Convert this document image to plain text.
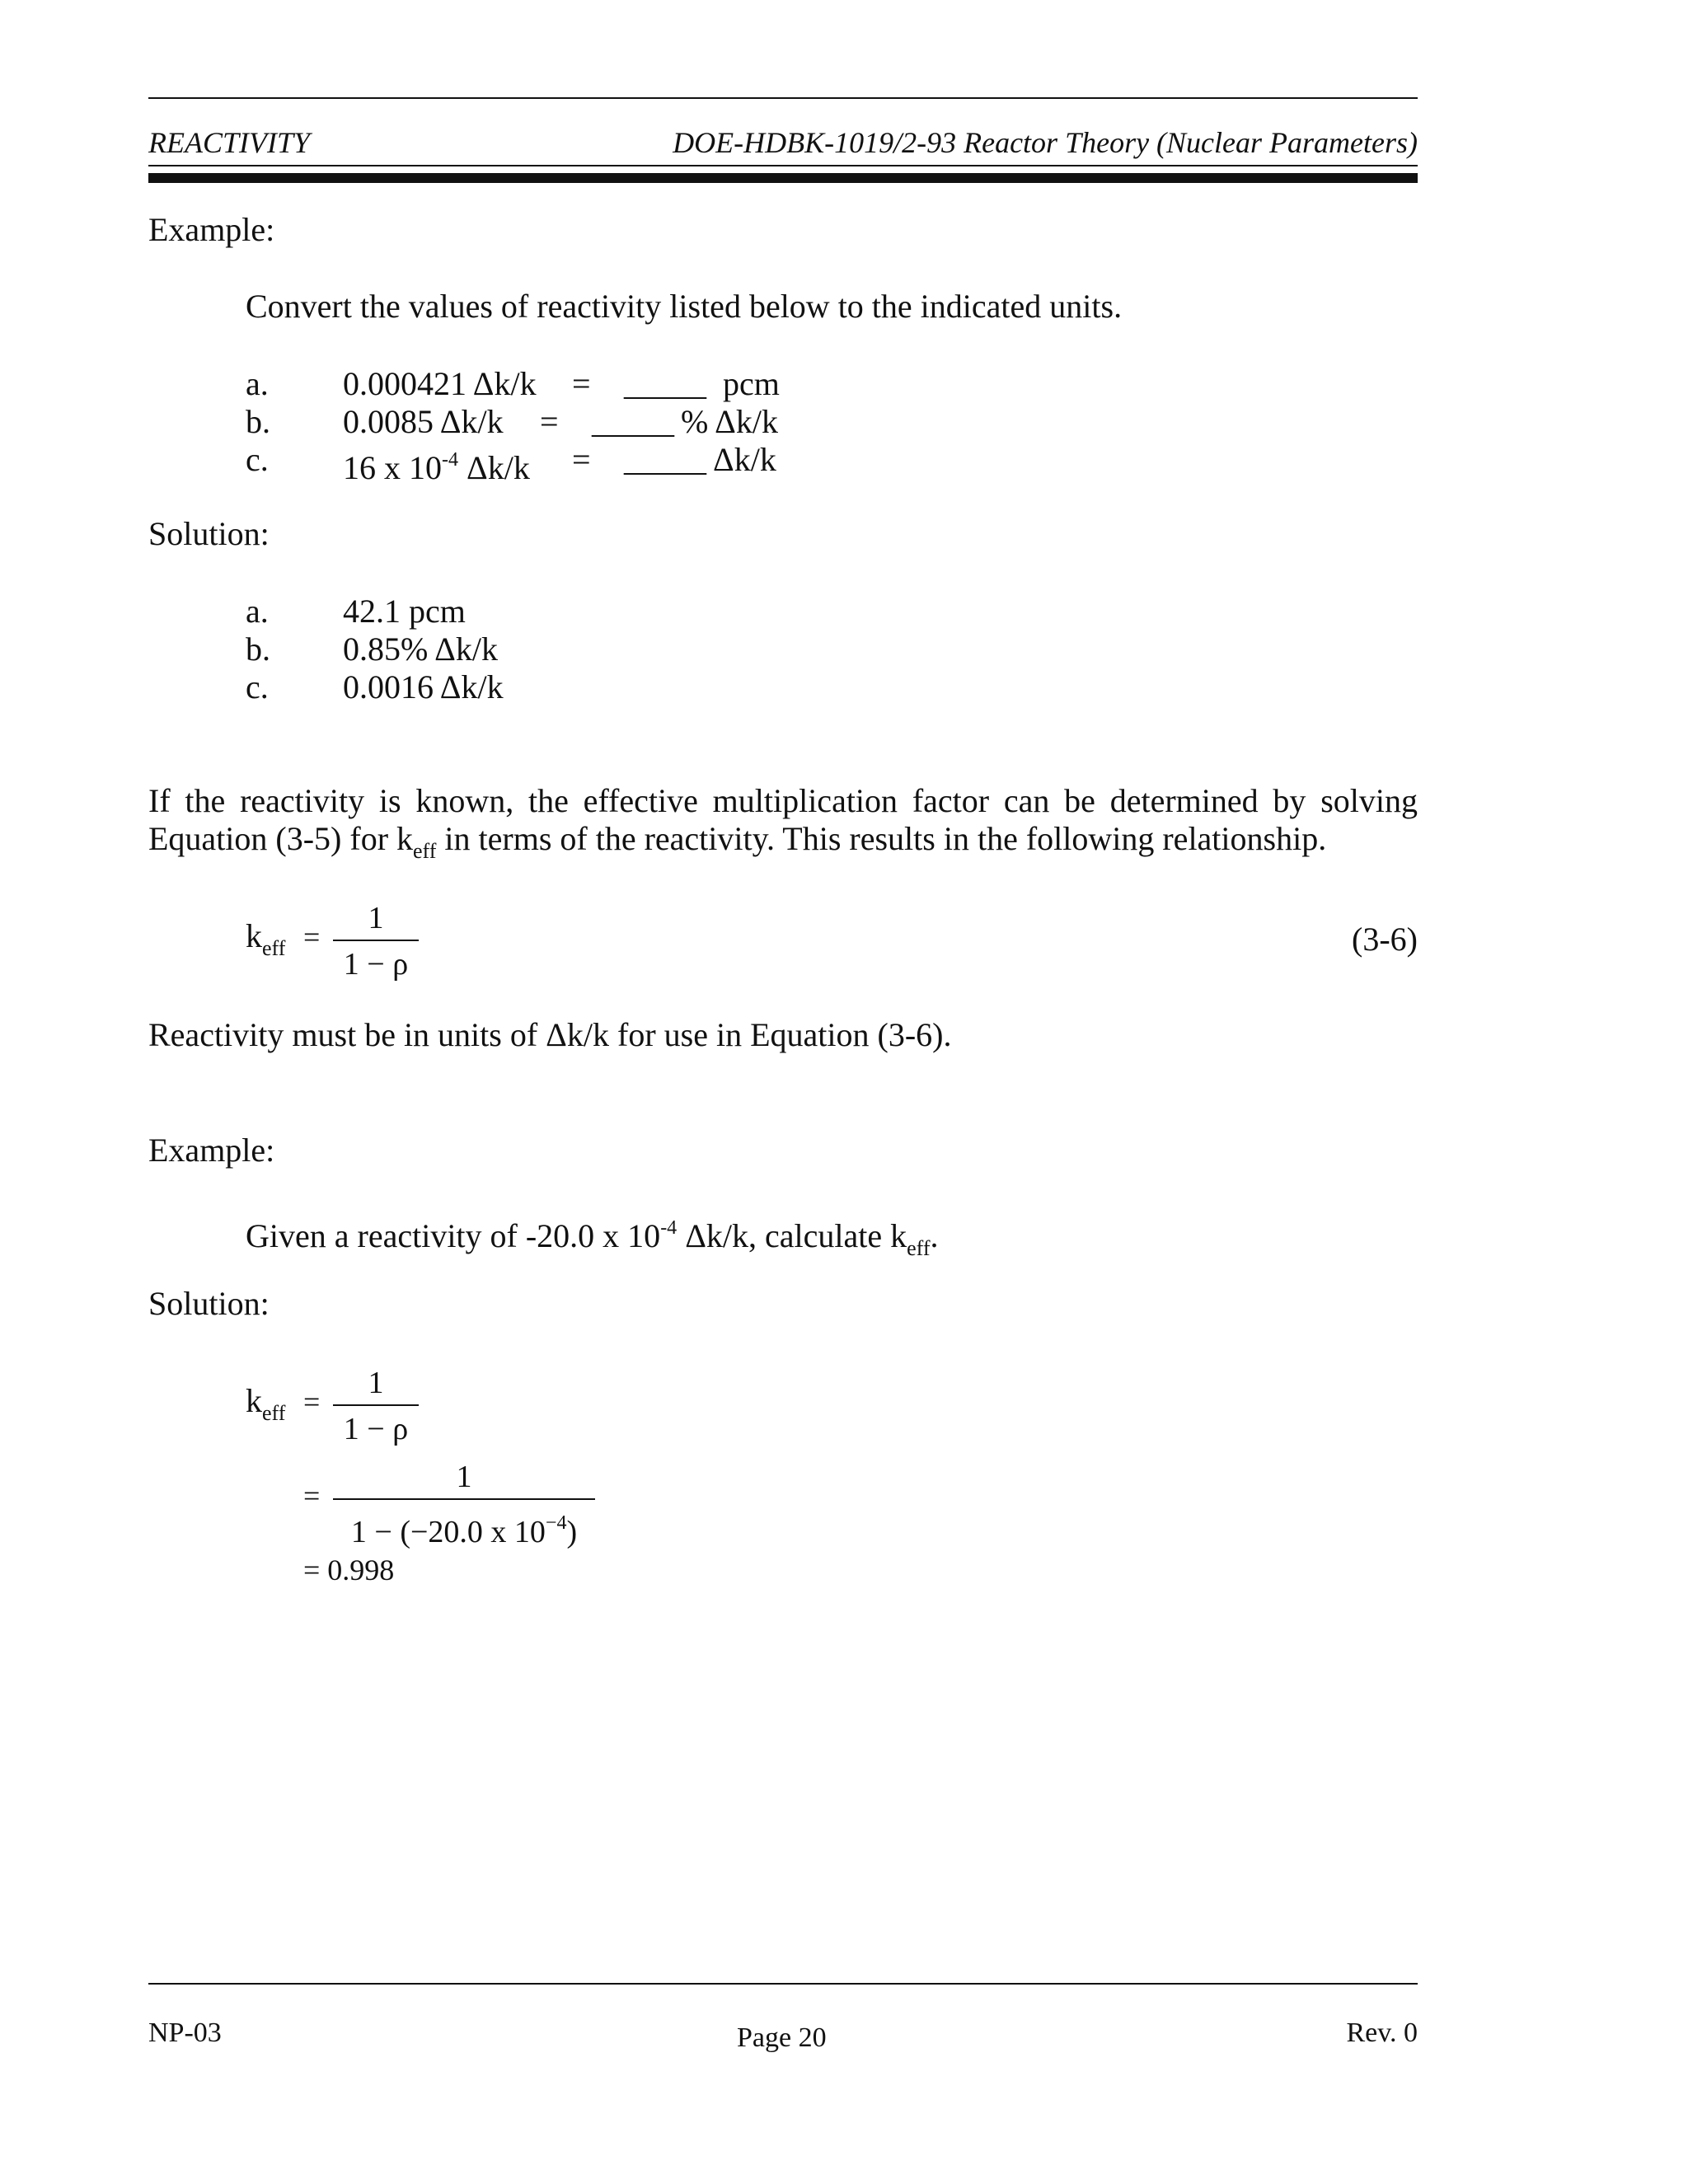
REACTIVITY	DOE-HDBK-1019/2-93 Reactor Theory (Nuclear Parameters)
Example:
Convert the values of reactivity listed below to the indicated units.
a. 0.000421 Δk/k = _____ pcm
b. 0.0085 Δk/k = _____ % Δk/k
c. 16 x $10^{-4}$ Δk/k = _____ Δk/k
Solution:
a. 42.1 pcm
b. 0.85% Δk/k
c. 0.0016 Δk/k
If the reactivity is known, the effective multiplication factor can be determined by solving
Equation (3-5) for $k_{eff}$ in terms of the reactivity. This results in the following relationship.
$k_{eff}$ =
1
1 − ρ
(3-6)
Reactivity must be in units of Δk/k for use in Equation (3-6).
Example:
Given a reactivity of -20.0 x $10^{-4}$ Δk/k, calculate $k_{eff}$.
Solution:
$k_{eff}$ =
1
1 − ρ
=
1
1 − (−20.0 x $10^{-4}$)
= 0.998
NP-03	Page 20	Rev. 0
